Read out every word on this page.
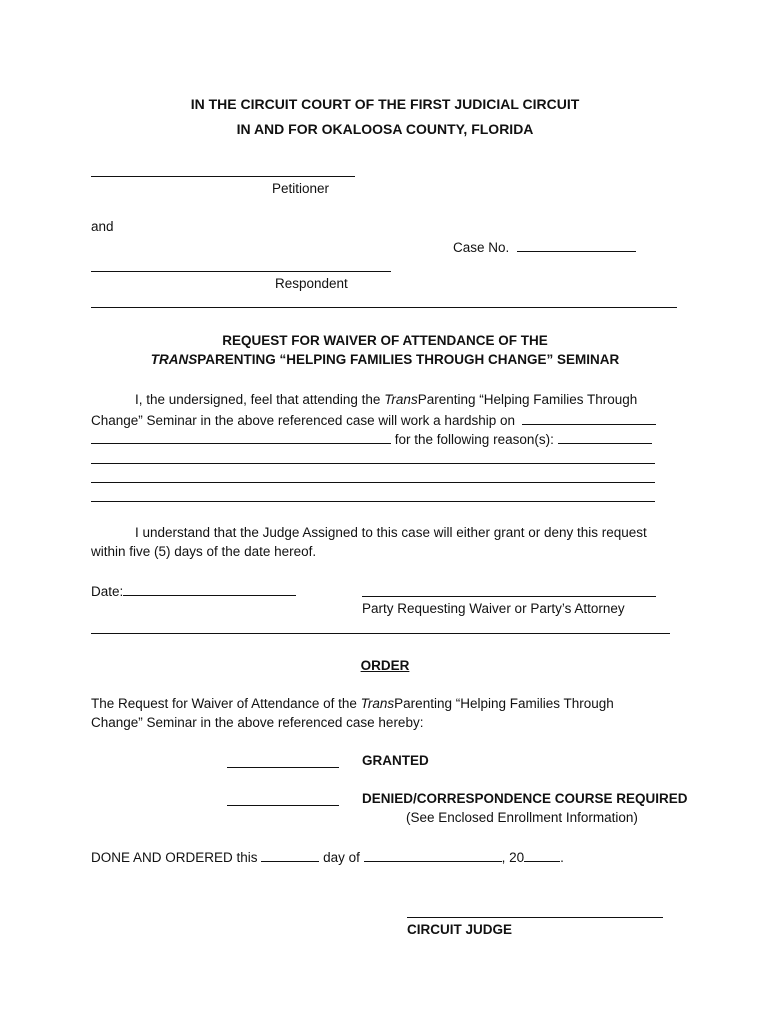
IN THE CIRCUIT COURT OF THE FIRST JUDICIAL CIRCUIT
IN AND FOR OKALOOSA COUNTY, FLORIDA
Petitioner
and
Case No.
Respondent
REQUEST FOR WAIVER OF ATTENDANCE OF THE
TRANSPARENTING “HELPING FAMILIES THROUGH CHANGE” SEMINAR
I, the undersigned, feel that attending the TransParenting “Helping Families Through
Change” Seminar in the above referenced case will work a hardship on
for the following reason(s):
I understand that the Judge Assigned to this case will either grant or deny this request
within five (5) days of the date hereof.
Date:
Party Requesting Waiver or Party’s Attorney
ORDER
The Request for Waiver of Attendance of the TransParenting “Helping Families Through
Change” Seminar in the above referenced case hereby:
GRANTED
DENIED/CORRESPONDENCE COURSE REQUIRED
(See Enclosed Enrollment Information)
DONE AND ORDERED this	day of	, 20	.
CIRCUIT JUDGE
